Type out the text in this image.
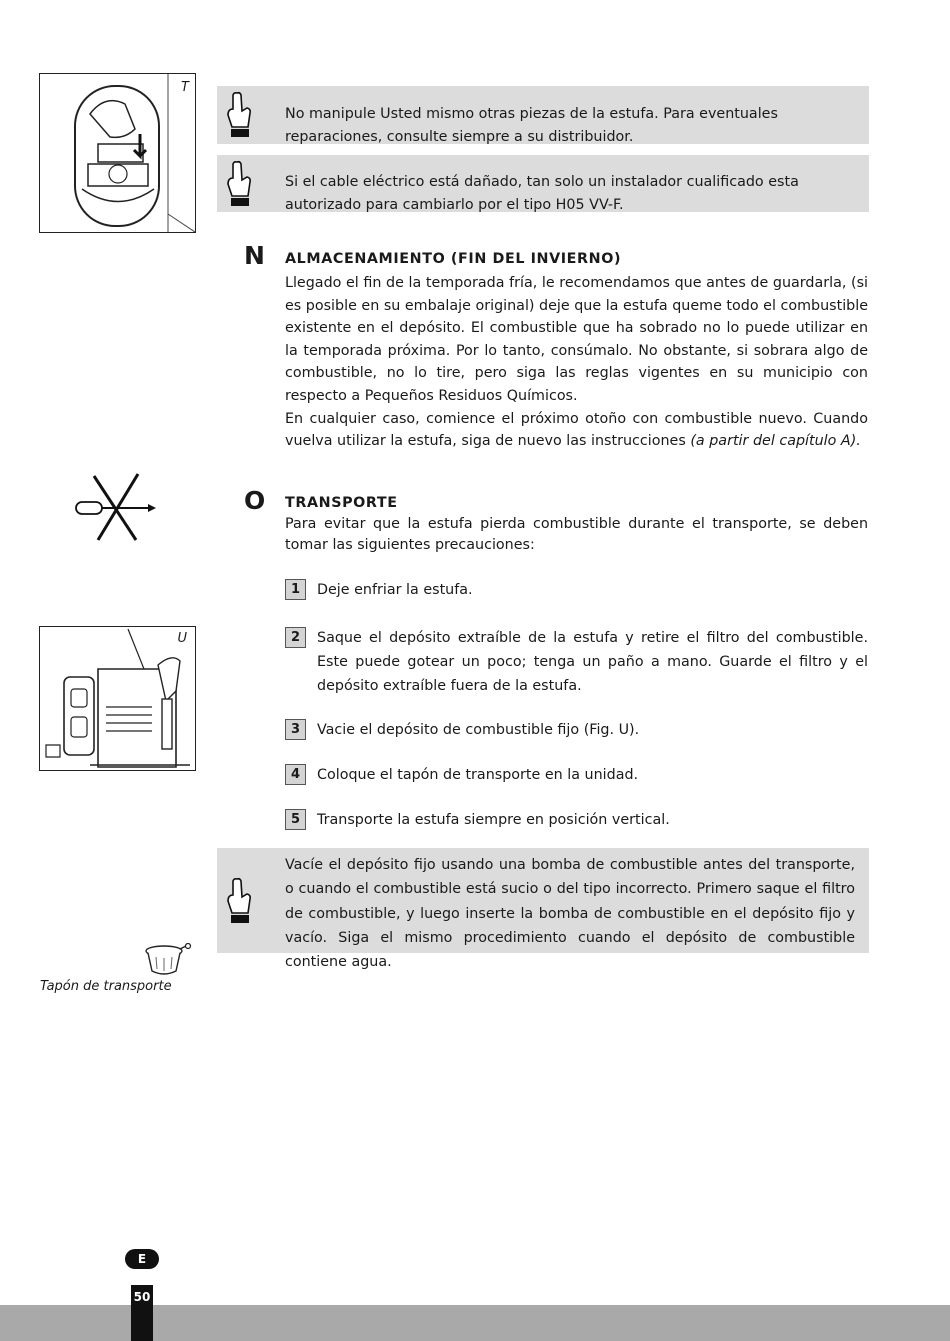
T
No manipule Usted mismo otras piezas de la estufa. Para eventuales reparaciones, consulte siempre a su distribuidor.
Si el cable eléctrico está dañado, tan solo un instalador cualificado esta autorizado para cambiarlo por el tipo H05 VV-F.
N ALMACENAMIENTO (FIN DEL INVIERNO)
Llegado el fin de la temporada fría, le recomendamos que antes de guardarla, (si es posible en su embalaje original) deje que la estufa queme todo el combustible existente en el depósito. El combustible que ha sobrado no lo puede utilizar en la temporada próxima. Por lo tanto, consúmalo. No obstante, si sobrara algo de combustible, no lo tire, pero siga las reglas vigentes en su municipio con respecto a Pequeños Residuos Químicos.
En cualquier caso, comience el próximo otoño con combustible nuevo. Cuando vuelva utilizar la estufa, siga de nuevo las instrucciones (a partir del capítulo A).
O TRANSPORTE
Para evitar que la estufa pierda combustible durante el transporte, se deben tomar las siguientes precauciones:
1	Deje enfriar la estufa.
2	Saque el depósito extraíble de la estufa y retire el filtro del combustible. Este puede gotear un poco; tenga un paño a mano. Guarde el filtro y el depósito extraíble fuera de la estufa.
3	Vacie el depósito de combustible fijo (Fig. U).
4	Coloque el tapón de transporte en la unidad.
5	Transporte la estufa siempre en posición vertical.
U
Vacíe el depósito fijo usando una bomba de combustible antes del transporte, o cuando el combustible está sucio o del tipo incorrecto. Primero saque el filtro de combustible, y luego inserte la bomba de combustible en el depósito fijo y vacío. Siga el mismo procedimiento cuando el depósito de combustible contiene agua.
Tapón de transporte
E
50
